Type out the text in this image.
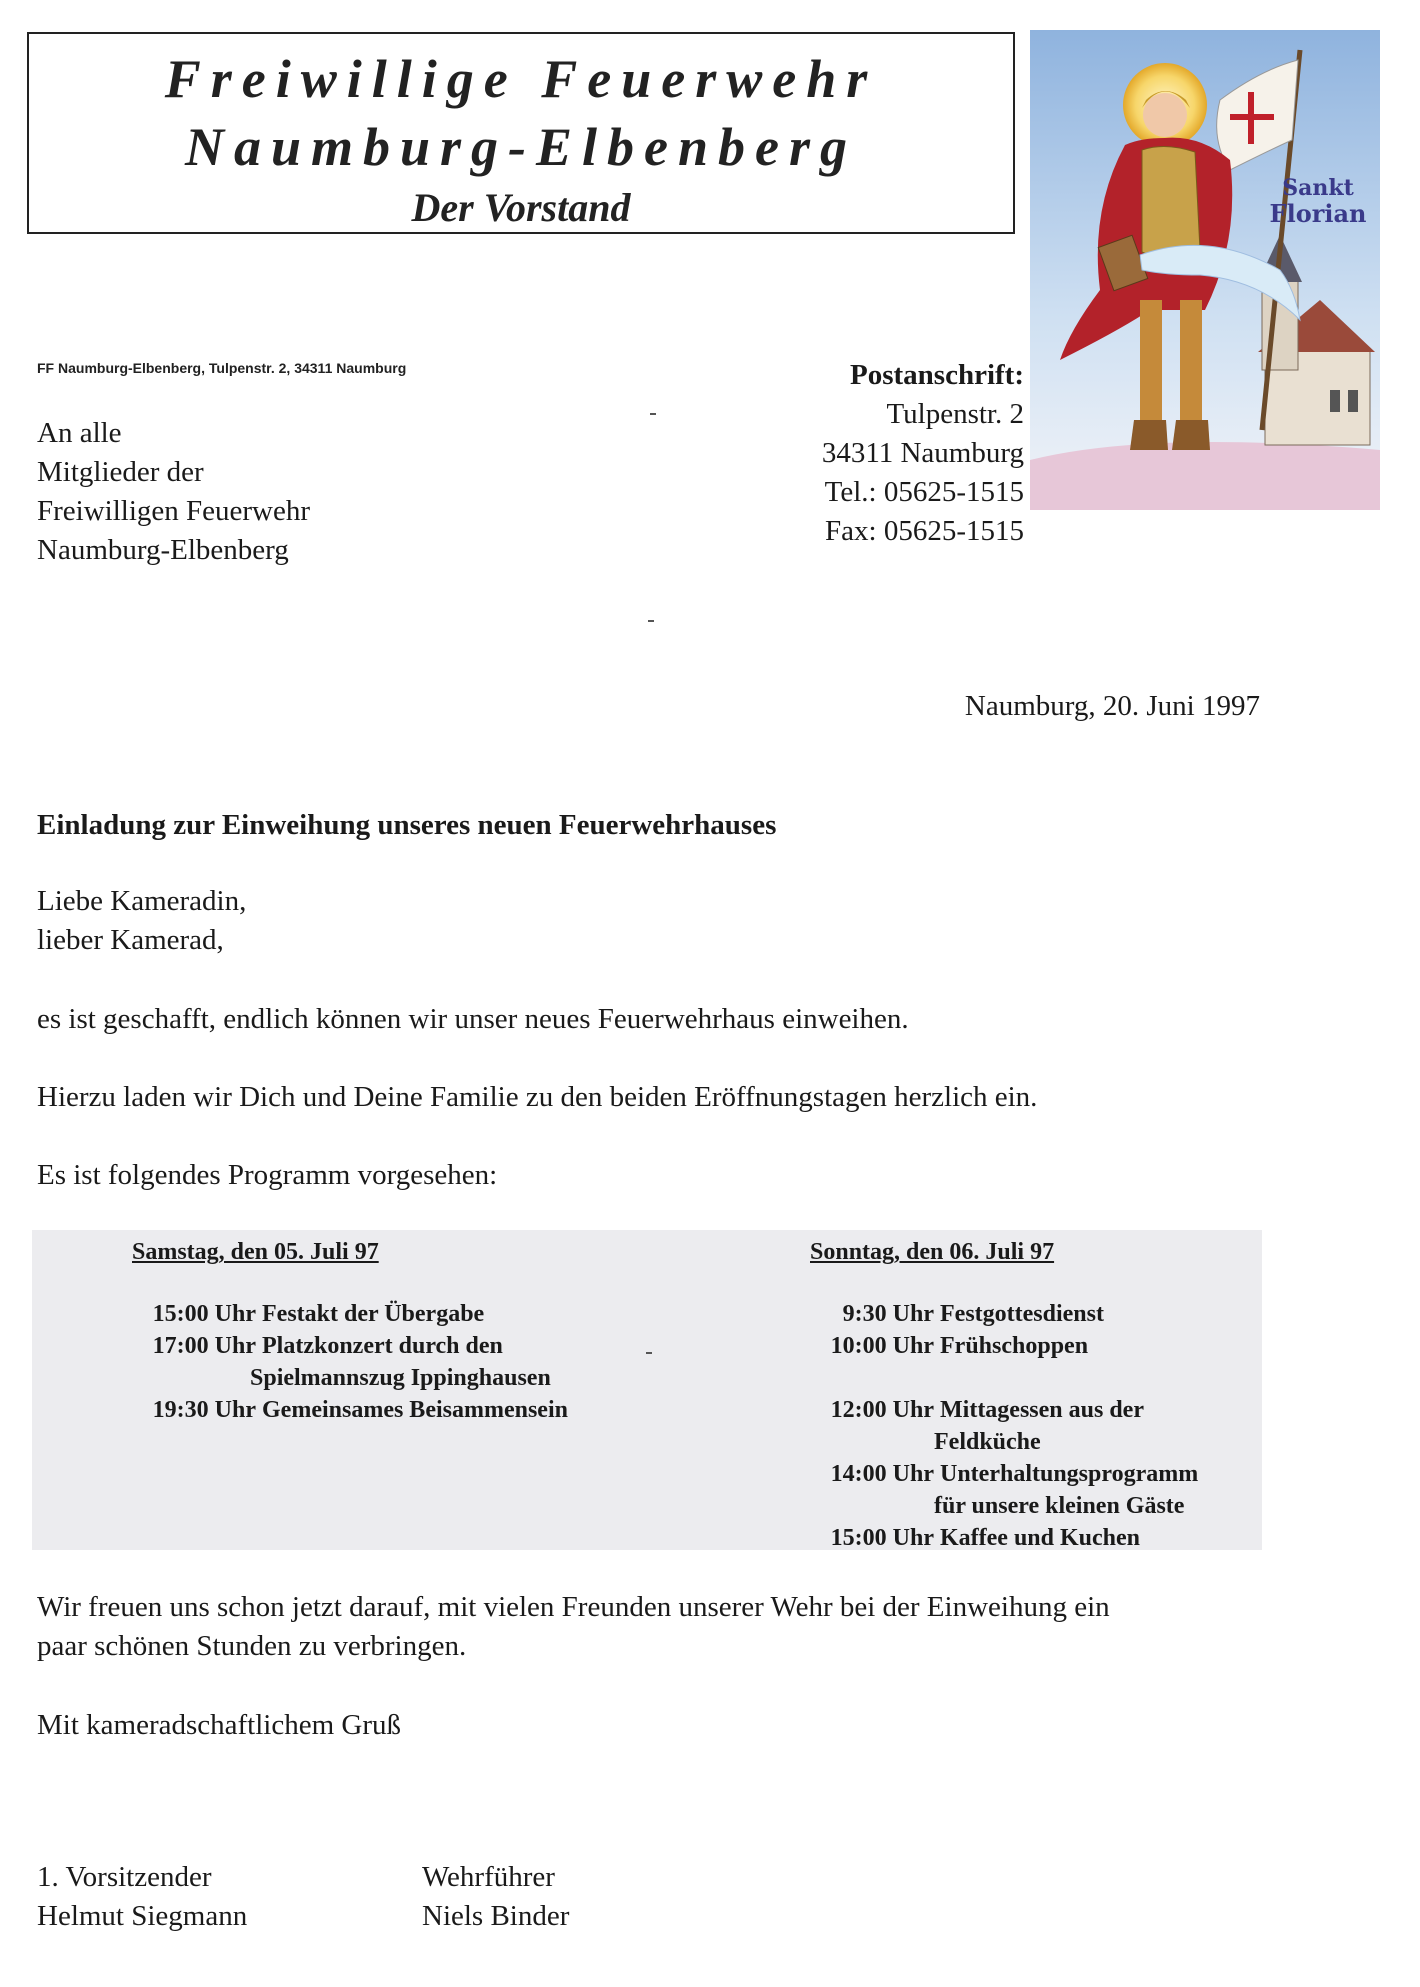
Freiwillige Feuerwehr
Naumburg-Elbenberg
Der Vorstand	Sankt
Florian
FF Naumburg-Elbenberg, Tulpenstr. 2, 34311 Naumburg
An alle
Mitglieder der
Freiwilligen Feuerwehr
Naumburg-Elbenberg
Postanschrift:
Tulpenstr. 2
34311 Naumburg
Tel.: 05625-1515
Fax: 05625-1515
Naumburg, 20. Juni 1997
Einladung zur Einweihung unseres neuen Feuerwehrhauses
Liebe Kameradin,
lieber Kamerad,
es ist geschafft, endlich können wir unser neues Feuerwehrhaus einweihen.
Hierzu laden wir Dich und Deine Familie zu den beiden Eröffnungstagen herzlich ein.
Es ist folgendes Programm vorgesehen:
Samstag, den 05. Juli 97
15:00 Uhr Festakt der Übergabe
17:00 Uhr Platzkonzert durch den
Spielmannszug Ippinghausen
19:30 Uhr Gemeinsames Beisammensein
Sonntag, den 06. Juli 97
9:30 Uhr Festgottesdienst
10:00 Uhr Frühschoppen
12:00 Uhr Mittagessen aus der
Feldküche
14:00 Uhr Unterhaltungsprogramm
für unsere kleinen Gäste
15:00 Uhr Kaffee und Kuchen
Wir freuen uns schon jetzt darauf, mit vielen Freunden unserer Wehr bei der Einweihung ein
paar schönen Stunden zu verbringen.
Mit kameradschaftlichem Gruß
1. Vorsitzender
Helmut Siegmann
Wehrführer
Niels Binder
